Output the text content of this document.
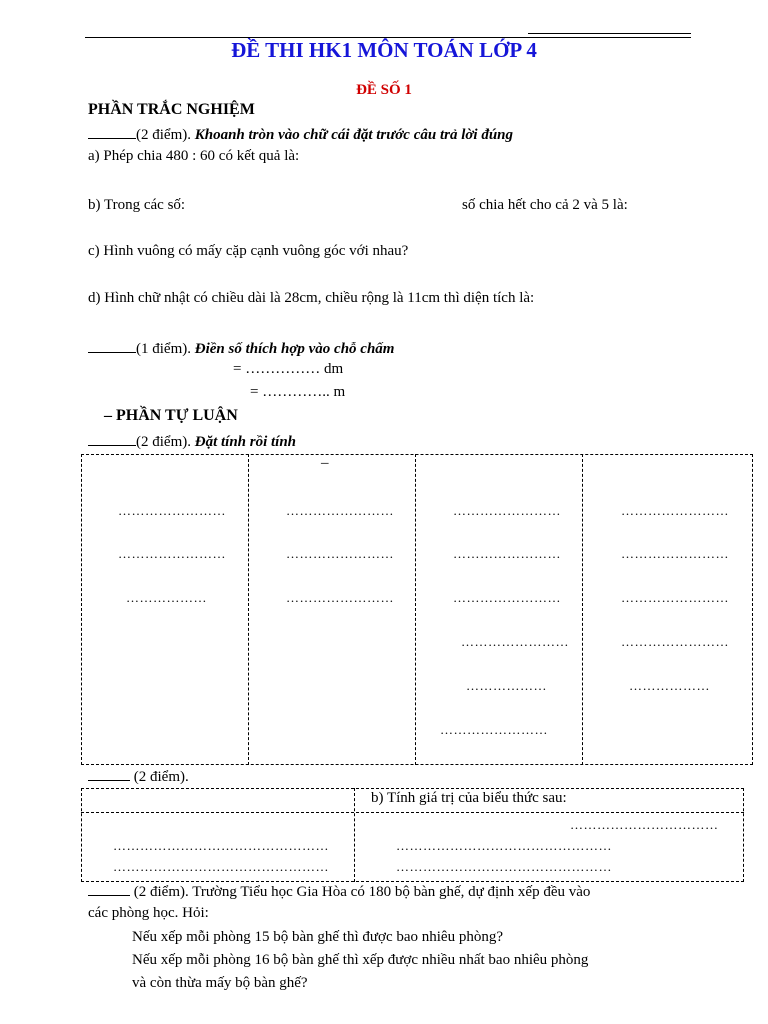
ĐỀ THI HK1 MÔN TOÁN LỚP 4
ĐỀ SỐ 1
PHẦN TRẮC NGHIỆM
(2 điểm). Khoanh tròn vào chữ cái đặt trước câu trả lời đúng
a) Phép chia 480 : 60 có kết quả là:
b) Trong các số:	số chia hết cho cả 2 và 5 là:
c) Hình vuông có mấy cặp cạnh vuông góc với nhau?
d) Hình chữ nhật có chiều dài là 28cm, chiều rộng là 11cm thì diện tích là:
(1 điểm). Điền số thích hợp vào chỗ chấm
= …………… dm
= ………….. m
– PHẦN TỰ LUẬN
(2 điểm). Đặt tính rồi tính
–
……………………
……………………
………………
……………………
……………………
……………………
……………………
……………………
……………………
……………………
………………
……………………
……………………
……………………
……………………
……………………
………………
(2 điểm).
b) Tính giá trị của biểu thức sau:
……………………………
…………………………………………	…………………………………………
…………………………………………	…………………………………………
(2 điểm). Trường Tiểu học Gia Hòa có 180 bộ bàn ghế, dự định xếp đều vào
các phòng học. Hỏi:
Nếu xếp mỗi phòng 15 bộ bàn ghế thì được bao nhiêu phòng?
Nếu xếp mỗi phòng 16 bộ bàn ghế thì xếp được nhiều nhất bao nhiêu phòng
và còn thừa mấy bộ bàn ghế?
